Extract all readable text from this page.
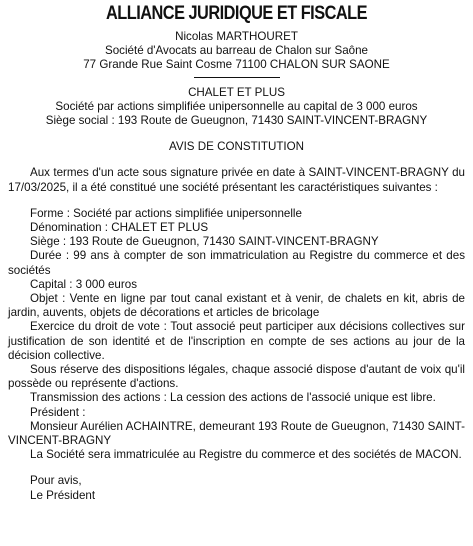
ALLIANCE JURIDIQUE ET FISCALE
Nicolas MARTHOURET
Société d'Avocats au barreau de Chalon sur Saône
77 Grande Rue Saint Cosme 71100 CHALON SUR SAONE
CHALET ET PLUS
Société par actions simplifiée unipersonnelle au capital de 3 000 euros
Siège social : 193 Route de Gueugnon, 71430 SAINT-VINCENT-BRAGNY
AVIS DE CONSTITUTION

Aux termes d'un acte sous signature privée en date à SAINT-VINCENT-BRAGNY du 17/03/2025, il a été constitué une société présentant les caractéristiques suivantes :

Forme : Société par actions simplifiée unipersonnelle

Dénomination : CHALET ET PLUS

Siège : 193 Route de Gueugnon, 71430 SAINT-VINCENT-BRAGNY

Durée : 99 ans à compter de son immatriculation au Registre du commerce et des sociétés

Capital : 3 000 euros

Objet : Vente en ligne par tout canal existant et à venir, de chalets en kit, abris de jardin, auvents, objets de décorations et articles de bricolage

Exercice du droit de vote : Tout associé peut participer aux décisions collectives sur justification de son identité et de l'inscription en compte de ses actions au jour de la décision collective.

Sous réserve des dispositions légales, chaque associé dispose d'autant de voix qu'il possède ou représente d'actions.

Transmission des actions : La cession des actions de l'associé unique est libre.

Président :

Monsieur Aurélien ACHAINTRE, demeurant 193 Route de Gueugnon, 71430 SAINT-VINCENT-BRAGNY

La Société sera immatriculée au Registre du commerce et des sociétés de MACON.

Pour avis,

Le Président
